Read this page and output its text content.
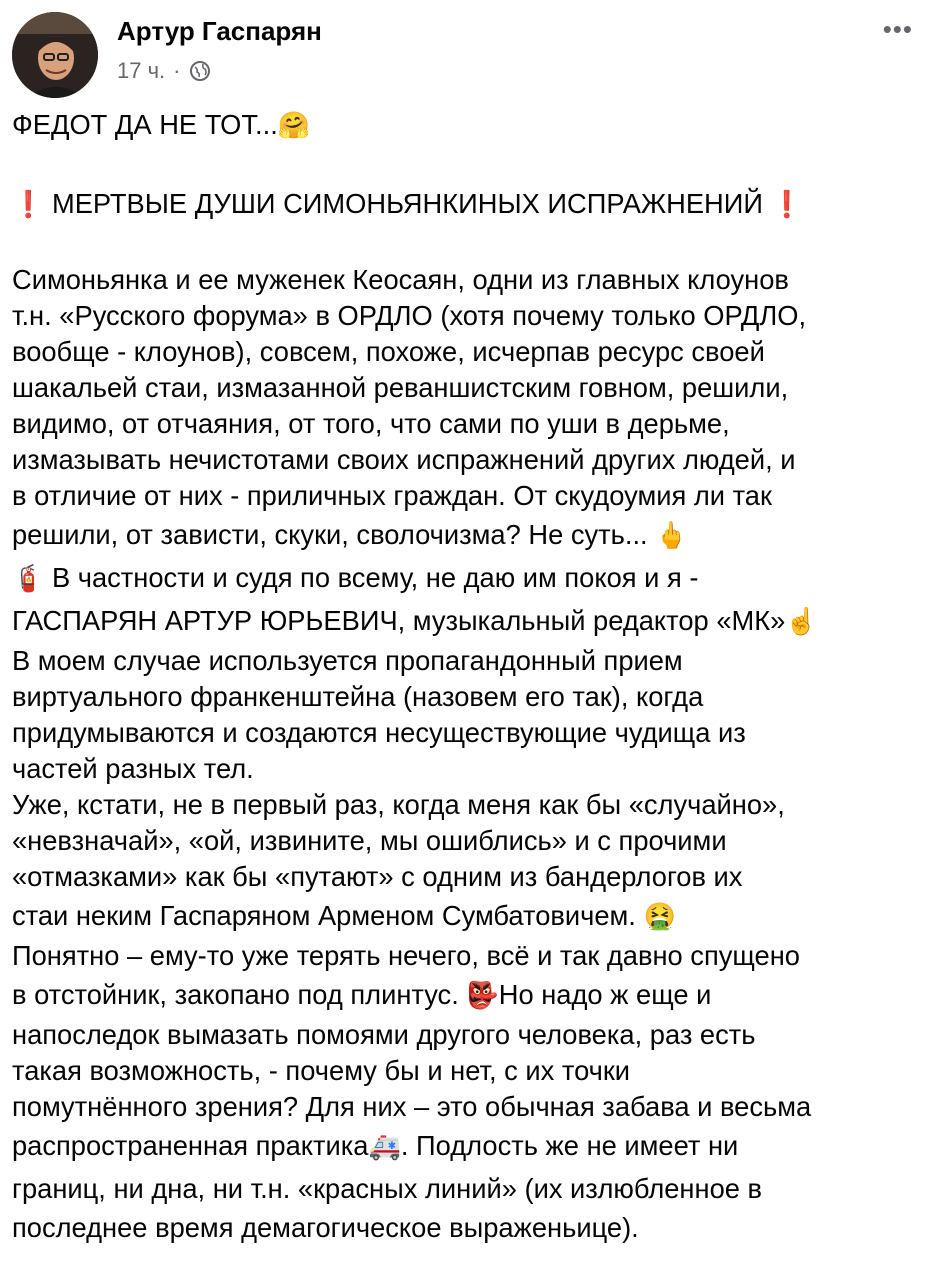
Артур Гаспарян
17 ч. ·
•••
ФЕДОТ ДА НЕ ТОТ...🤗
❗ МЕРТВЫЕ ДУШИ СИМОНЬЯНКИНЫХ ИСПРАЖНЕНИЙ ❗
Симоньянка и ее муженек Кеосаян, одни из главных клоунов
т.н. «Русского форума» в ОРДЛО (хотя почему только ОРДЛО,
вообще - клоунов), совсем, похоже, исчерпав ресурс своей
шакальей стаи, измазанной реваншистским говном, решили,
видимо, от отчаяния, от того, что сами по уши в дерьме,
измазывать нечистотами своих испражнений других людей, и
в отличие от них - приличных граждан. От скудоумия ли так
решили, от зависти, скуки, сволочизма? Не суть... 🖕
🧯 В частности и судя по всему, не даю им покоя и я -
ГАСПАРЯН АРТУР ЮРЬЕВИЧ, музыкальный редактор «МК»☝️
В моем случае используется пропагандонный прием
виртуального франкенштейна (назовем его так), когда
придумываются и создаются несуществующие чудища из
частей разных тел.
Уже, кстати, не в первый раз, когда меня как бы «случайно»,
«невзначай», «ой, извините, мы ошиблись» и с прочими
«отмазками» как бы «путают» с одним из бандерлогов их
стаи неким Гаспаряном Арменом Сумбатовичем. 🤮
Понятно – ему-то уже терять нечего, всё и так давно спущено
в отстойник, закопано под плинтус. 👺Но надо ж еще и
напоследок вымазать помоями другого человека, раз есть
такая возможность, - почему бы и нет, с их точки
помутнённого зрения? Для них – это обычная забава и весьма
распространенная практика🚑. Подлость же не имеет ни
границ, ни дна, ни т.н. «красных линий» (их излюбленное в
последнее время демагогическое выраженьице).
